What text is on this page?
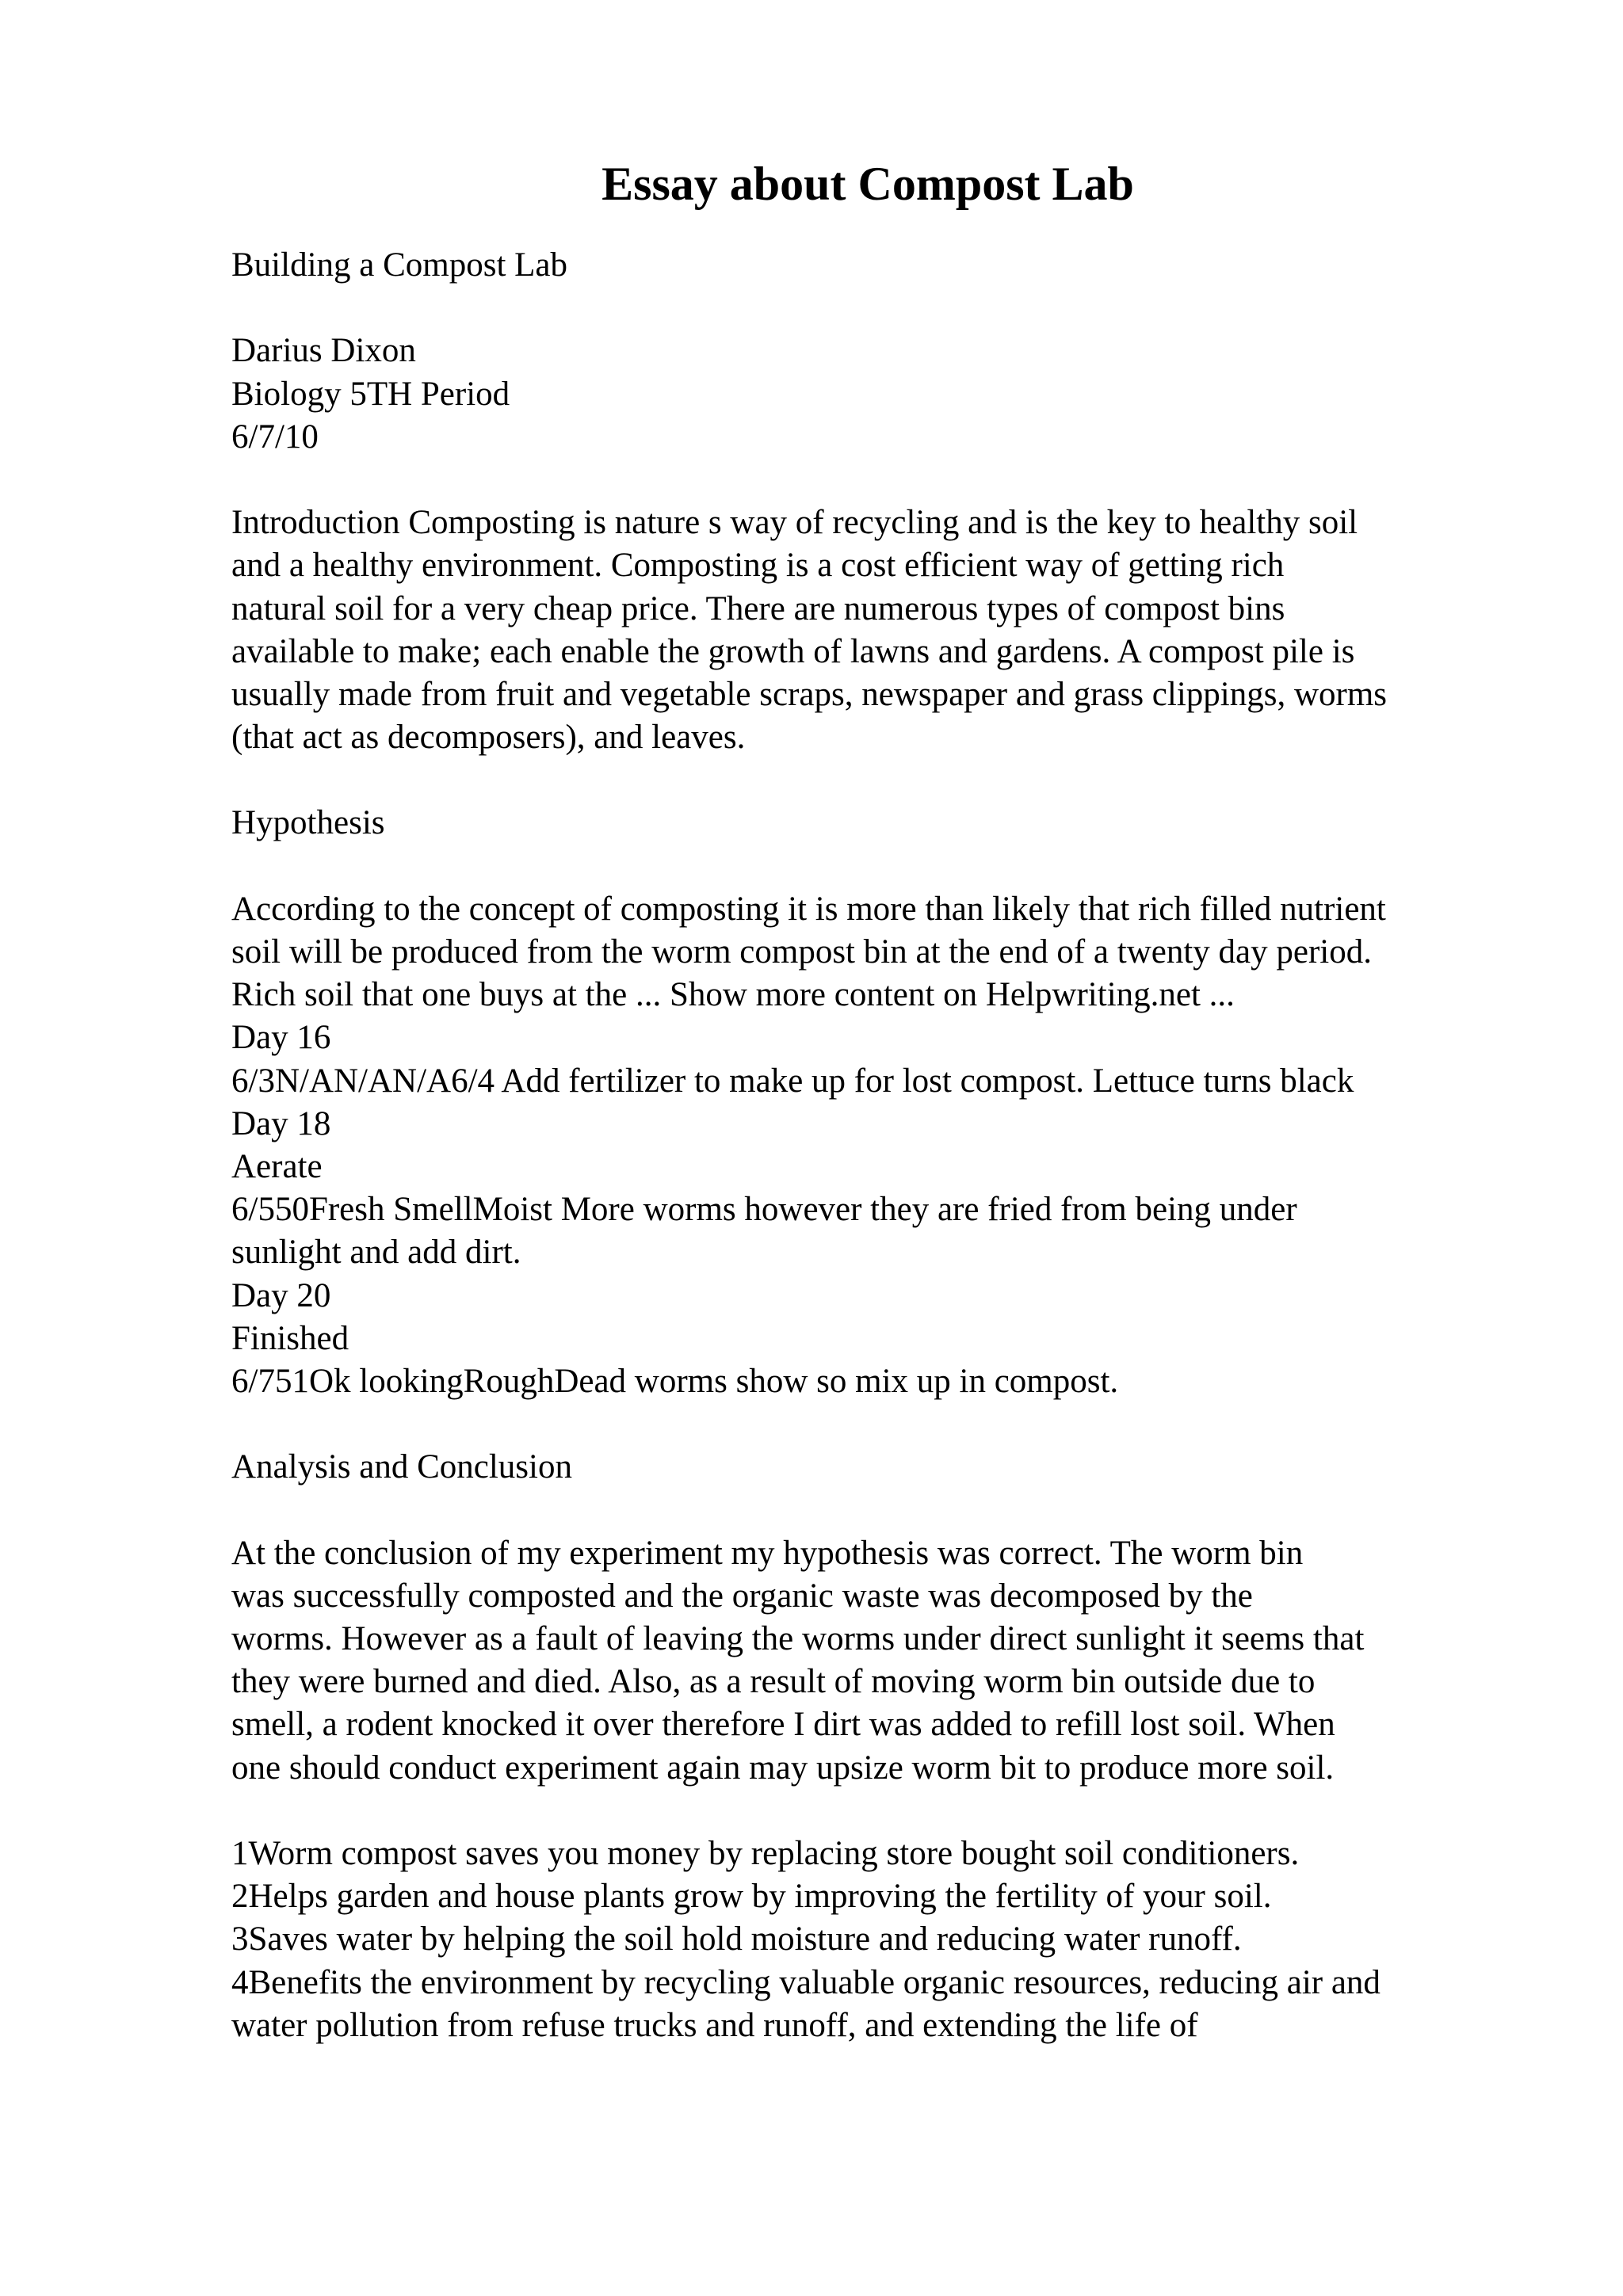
Essay about Compost Lab
Building a Compost Lab
Darius Dixon
Biology 5TH Period
6/7/10
Introduction Composting is nature s way of recycling and is the key to healthy soil
and a healthy environment. Composting is a cost efficient way of getting rich
natural soil for a very cheap price. There are numerous types of compost bins
available to make; each enable the growth of lawns and gardens. A compost pile is
usually made from fruit and vegetable scraps, newspaper and grass clippings, worms
(that act as decomposers), and leaves.
Hypothesis
According to the concept of composting it is more than likely that rich filled nutrient
soil will be produced from the worm compost bin at the end of a twenty day period.
Rich soil that one buys at the ... Show more content on Helpwriting.net ...
Day 16
6/3N/AN/AN/A6/4 Add fertilizer to make up for lost compost. Lettuce turns black
Day 18
Aerate
6/550Fresh SmellMoist More worms however they are fried from being under
sunlight and add dirt.
Day 20
Finished
6/751Ok lookingRoughDead worms show so mix up in compost.
Analysis and Conclusion
At the conclusion of my experiment my hypothesis was correct. The worm bin
was successfully composted and the organic waste was decomposed by the
worms. However as a fault of leaving the worms under direct sunlight it seems that
they were burned and died. Also, as a result of moving worm bin outside due to
smell, a rodent knocked it over therefore I dirt was added to refill lost soil. When
one should conduct experiment again may upsize worm bit to produce more soil.
1Worm compost saves you money by replacing store bought soil conditioners.
2Helps garden and house plants grow by improving the fertility of your soil.
3Saves water by helping the soil hold moisture and reducing water runoff.
4Benefits the environment by recycling valuable organic resources, reducing air and
water pollution from refuse trucks and runoff, and extending the life of
